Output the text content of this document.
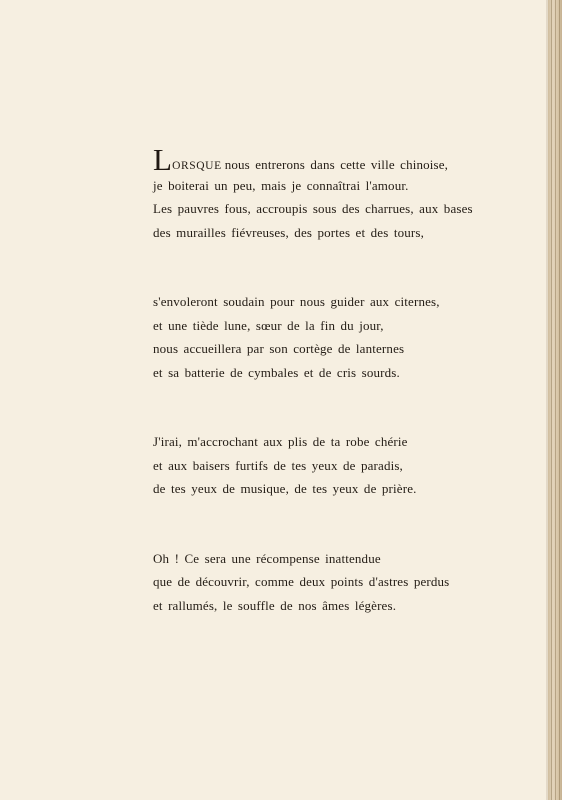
LORSQUE nous entrerons dans cette ville chinoise,
je boiterai un peu, mais je connaîtrai l'amour.
Les pauvres fous, accroupis sous des charrues, aux bases
des murailles fiévreuses, des portes et des tours,
s'envoleront soudain pour nous guider aux citernes,
et une tiède lune, sœur de la fin du jour,
nous accueillera par son cortège de lanternes
et sa batterie de cymbales et de cris sourds.
J'irai, m'accrochant aux plis de ta robe chérie
et aux baisers furtifs de tes yeux de paradis,
de tes yeux de musique, de tes yeux de prière.
Oh ! Ce sera une récompense inattendue
que de découvrir, comme deux points d'astres perdus
et rallumés, le souffle de nos âmes légères.
